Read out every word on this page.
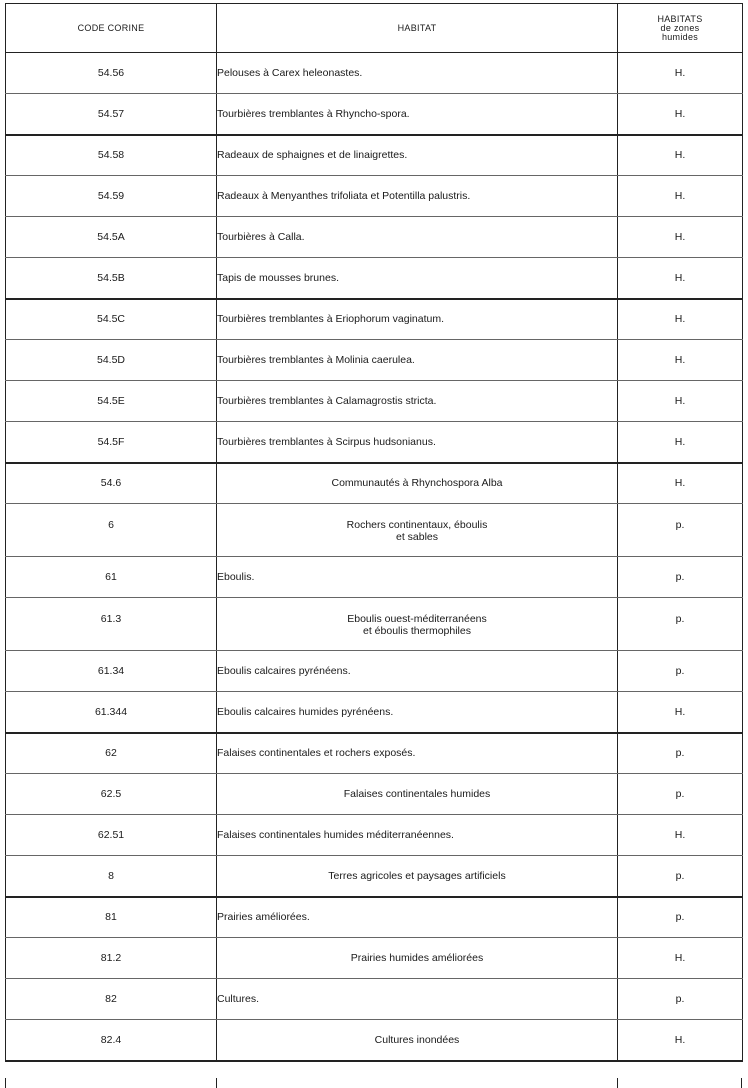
CODE CORINE	HABITAT	HABITATS
de zones
humides

54.56	Pelouses à Carex heleonastes.	H.
54.57	Tourbières tremblantes à Rhyncho-spora.	H.
54.58	Radeaux de sphaignes et de linaigrettes.	H.
54.59	Radeaux à Menyanthes trifoliata et Potentilla palustris.	H.
54.5A	Tourbières à Calla.	H.
54.5B	Tapis de mousses brunes.	H.
54.5C	Tourbières tremblantes à Eriophorum vaginatum.	H.
54.5D	Tourbières tremblantes à Molinia caerulea.	H.
54.5E	Tourbières tremblantes à Calamagrostis stricta.	H.
54.5F	Tourbières tremblantes à Scirpus hudsonianus.	H.
54.6	Communautés à Rhynchospora Alba	H.
6	Rochers continentaux, éboulis
et sables	p.
61	Eboulis.	p.
61.3	Eboulis ouest-méditerranéens
et éboulis thermophiles	p.
61.34	Eboulis calcaires pyrénéens.	p.
61.344	Eboulis calcaires humides pyrénéens.	H.
62	Falaises continentales et rochers exposés.	p.
62.5	Falaises continentales humides	p.
62.51	Falaises continentales humides méditerranéennes.	H.
8	Terres agricoles et paysages artificiels	p.
81	Prairies améliorées.	p.
81.2	Prairies humides améliorées	H.
82	Cultures.	p.
82.4	Cultures inondées	H.
